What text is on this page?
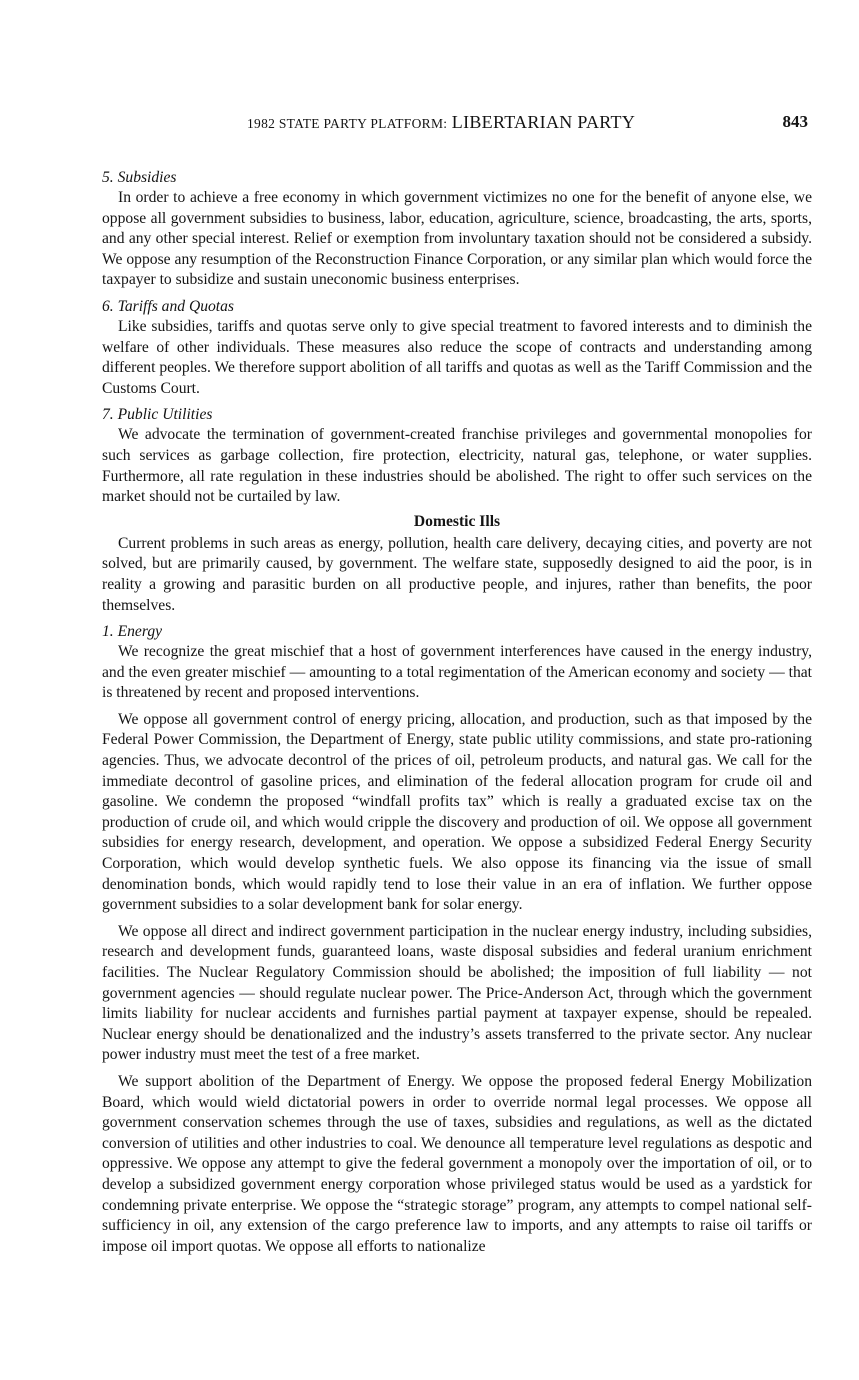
1982 STATE PARTY PLATFORM: LIBERTARIAN PARTY	843
5. Subsidies

In order to achieve a free economy in which government victimizes no one for the benefit of anyone else, we oppose all government subsidies to business, labor, education, agriculture, science, broadcasting, the arts, sports, and any other special interest. Relief or exemption from involuntary taxation should not be considered a subsidy. We oppose any resumption of the Reconstruction Finance Corporation, or any similar plan which would force the taxpayer to subsidize and sustain uneconomic business enterprises.

6. Tariffs and Quotas

Like subsidies, tariffs and quotas serve only to give special treatment to favored interests and to diminish the welfare of other individuals. These measures also reduce the scope of contracts and understanding among different peoples. We therefore support abolition of all tariffs and quotas as well as the Tariff Commission and the Customs Court.

7. Public Utilities

We advocate the termination of government-created franchise privileges and governmental monopolies for such services as garbage collection, fire protection, electricity, natural gas, telephone, or water supplies. Furthermore, all rate regulation in these industries should be abolished. The right to offer such services on the market should not be curtailed by law.

Domestic Ills

Current problems in such areas as energy, pollution, health care delivery, decaying cities, and poverty are not solved, but are primarily caused, by government. The welfare state, supposedly designed to aid the poor, is in reality a growing and parasitic burden on all productive people, and injures, rather than benefits, the poor themselves.

1. Energy

We recognize the great mischief that a host of government interferences have caused in the energy industry, and the even greater mischief — amounting to a total regimentation of the American economy and society — that is threatened by recent and proposed interventions.

We oppose all government control of energy pricing, allocation, and production, such as that imposed by the Federal Power Commission, the Department of Energy, state public utility commissions, and state pro-rationing agencies. Thus, we advocate decontrol of the prices of oil, petroleum products, and natural gas. We call for the immediate decontrol of gasoline prices, and elimination of the federal allocation program for crude oil and gasoline. We condemn the proposed “windfall profits tax” which is really a graduated excise tax on the production of crude oil, and which would cripple the discovery and production of oil. We oppose all government subsidies for energy research, development, and operation. We oppose a subsidized Federal Energy Security Corporation, which would develop synthetic fuels. We also oppose its financing via the issue of small denomination bonds, which would rapidly tend to lose their value in an era of inflation. We further oppose government subsidies to a solar development bank for solar energy.

We oppose all direct and indirect government participation in the nuclear energy industry, including subsidies, research and development funds, guaranteed loans, waste disposal subsidies and federal uranium enrichment facilities. The Nuclear Regulatory Commission should be abolished; the imposition of full liability — not government agencies — should regulate nuclear power. The Price-Anderson Act, through which the government limits liability for nuclear accidents and furnishes partial payment at taxpayer expense, should be repealed. Nuclear energy should be denationalized and the industry’s assets transferred to the private sector. Any nuclear power industry must meet the test of a free market.

We support abolition of the Department of Energy. We oppose the proposed federal Energy Mobilization Board, which would wield dictatorial powers in order to override normal legal processes. We oppose all government conservation schemes through the use of taxes, subsidies and regulations, as well as the dictated conversion of utilities and other industries to coal. We denounce all temperature level regulations as despotic and oppressive. We oppose any attempt to give the federal government a monopoly over the importation of oil, or to develop a subsidized government energy corporation whose privileged status would be used as a yardstick for condemning private enterprise. We oppose the “strategic storage” program, any attempts to compel national self-sufficiency in oil, any extension of the cargo preference law to imports, and any attempts to raise oil tariffs or impose oil import quotas. We oppose all efforts to nationalize
